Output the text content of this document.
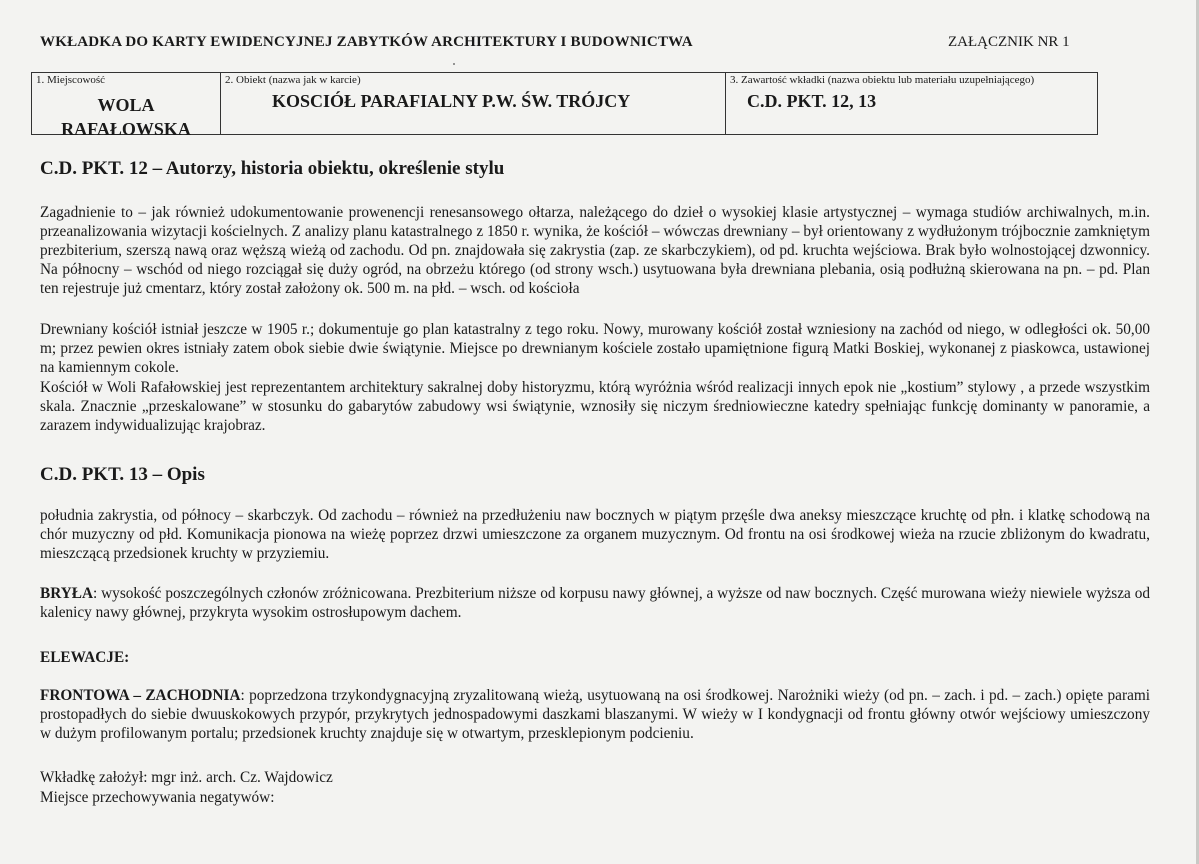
WKŁADKA DO KARTY EWIDENCYJNEJ ZABYTKÓW ARCHITEKTURY I BUDOWNICTWA	ZAŁĄCZNIK NR 1
1. Miejscowość
WOLA
RAFAŁOWSKA
2. Obiekt (nazwa jak w karcie)
KOSCIÓŁ PARAFIALNY P.W. ŚW. TRÓJCY
3. Zawartość wkładki (nazwa obiektu lub materiału uzupełniającego)
C.D. PKT. 12, 13
C.D. PKT. 12 – Autorzy, historia obiektu, określenie stylu
Zagadnienie to – jak również udokumentowanie prowenencji renesansowego ołtarza, należącego do dzieł o wysokiej klasie artystycznej – wymaga studiów archiwalnych, m.in. przeanalizowania wizytacji kościelnych. Z analizy planu katastralnego z 1850 r. wynika, że kościół – wówczas drewniany – był orientowany z wydłużonym trójbocznie zamkniętym prezbiterium, szerszą nawą oraz węższą wieżą od zachodu. Od pn. znajdowała się zakrystia (zap. ze skarbczykiem), od pd. kruchta wejściowa. Brak było wolnostojącej dzwonnicy. Na północny – wschód od niego rozciągał się duży ogród, na obrzeżu którego (od strony wsch.) usytuowana była drewniana plebania, osią podłużną skierowana na pn. – pd. Plan ten rejestruje już cmentarz, który został założony ok. 500 m. na płd. – wsch. od kościoła
Drewniany kościół istniał jeszcze w 1905 r.; dokumentuje go plan katastralny z tego roku. Nowy, murowany kościół został wzniesiony na zachód od niego, w odległości ok. 50,00 m; przez pewien okres istniały zatem obok siebie dwie świątynie. Miejsce po drewnianym kościele zostało upamiętnione figurą Matki Boskiej, wykonanej z piaskowca, ustawionej na kamiennym cokole.
Kościół w Woli Rafałowskiej jest reprezentantem architektury sakralnej doby historyzmu, którą wyróżnia wśród realizacji innych epok nie „kostium” stylowy , a przede wszystkim skala. Znacznie „przeskalowane” w stosunku do gabarytów zabudowy wsi świątynie, wznosiły się niczym średniowieczne katedry spełniając funkcję dominanty w panoramie, a zarazem indywidualizując krajobraz.
C.D. PKT. 13 – Opis
południa zakrystia, od północy – skarbczyk. Od zachodu – również na przedłużeniu naw bocznych w piątym przęśle dwa aneksy mieszczące kruchtę od płn. i klatkę schodową na chór muzyczny od płd. Komunikacja pionowa na wieżę poprzez drzwi umieszczone za organem muzycznym. Od frontu na osi środkowej wieża na rzucie zbliżonym do kwadratu, mieszczącą przedsionek kruchty w przyziemiu.
BRYŁA: wysokość poszczególnych członów zróżnicowana. Prezbiterium niższe od korpusu nawy głównej, a wyższe od naw bocznych. Część murowana wieży niewiele wyższa od kalenicy nawy głównej, przykryta wysokim ostrosłupowym dachem.
ELEWACJE:
FRONTOWA – ZACHODNIA: poprzedzona trzykondygnacyjną zryzalitowaną wieżą, usytuowaną na osi środkowej. Narożniki wieży (od pn. – zach. i pd. – zach.) opięte parami prostopadłych do siebie dwuuskokowych przypór, przykrytych jednospadowymi daszkami blaszanymi. W wieży w I kondygnacji od frontu główny otwór wejściowy umieszczony w dużym profilowanym portalu; przedsionek kruchty znajduje się w otwartym, przesklepionym podcieniu.
Wkładkę założył: mgr inż. arch. Cz. Wajdowicz
Miejsce przechowywania negatywów:
